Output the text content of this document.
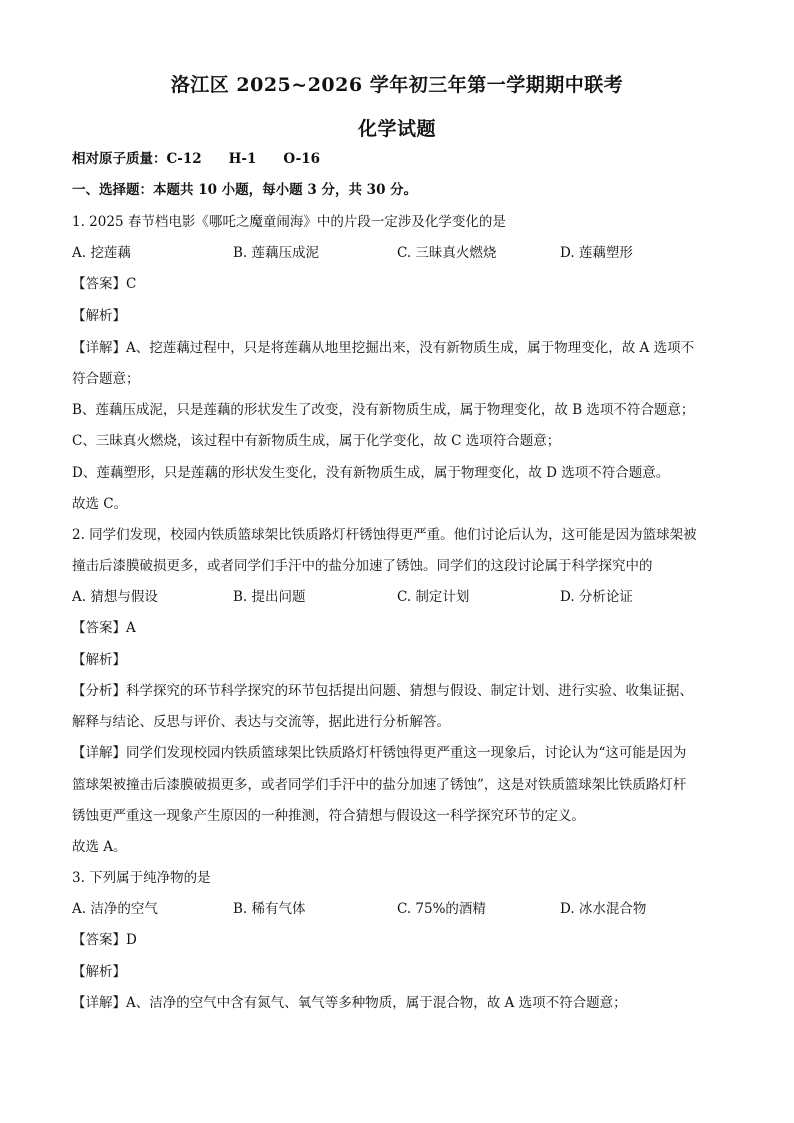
洛江区 2025~2026 学年初三年第一学期期中联考
化学试题
相对原子质量：C-12　　H-1　　O-16
一、选择题：本题共 10 小题，每小题 3 分，共 30 分。
1. 2025 春节档电影《哪吒之魔童闹海》中的片段一定涉及化学变化的是
A. 挖莲藕	B. 莲藕压成泥	C. 三昧真火燃烧	D. 莲藕塑形
【答案】C
【解析】
【详解】A、挖莲藕过程中，只是将莲藕从地里挖掘出来，没有新物质生成，属于物理变化，故 A 选项不
符合题意；
B、莲藕压成泥，只是莲藕的形状发生了改变，没有新物质生成，属于物理变化，故 B 选项不符合题意；
C、三昧真火燃烧，该过程中有新物质生成，属于化学变化，故 C 选项符合题意；
D、莲藕塑形，只是莲藕的形状发生变化，没有新物质生成，属于物理变化，故 D 选项不符合题意。
故选 C。
2. 同学们发现，校园内铁质篮球架比铁质路灯杆锈蚀得更严重。他们讨论后认为，这可能是因为篮球架被
撞击后漆膜破损更多，或者同学们手汗中的盐分加速了锈蚀。同学们的这段讨论属于科学探究中的
A. 猜想与假设	B. 提出问题	C. 制定计划	D. 分析论证
【答案】A
【解析】
【分析】科学探究的环节科学探究的环节包括提出问题、猜想与假设、制定计划、进行实验、收集证据、
解释与结论、反思与评价、表达与交流等，据此进行分析解答。
【详解】同学们发现校园内铁质篮球架比铁质路灯杆锈蚀得更严重这一现象后，讨论认为“这可能是因为
篮球架被撞击后漆膜破损更多，或者同学们手汗中的盐分加速了锈蚀”，这是对铁质篮球架比铁质路灯杆
锈蚀更严重这一现象产生原因的一种推测，符合猜想与假设这一科学探究环节的定义。
故选 A。
3. 下列属于纯净物的是
A. 洁净的空气	B. 稀有气体	C. 75%的酒精	D. 冰水混合物
【答案】D
【解析】
【详解】A、洁净的空气中含有氮气、氧气等多种物质，属于混合物，故 A 选项不符合题意；
